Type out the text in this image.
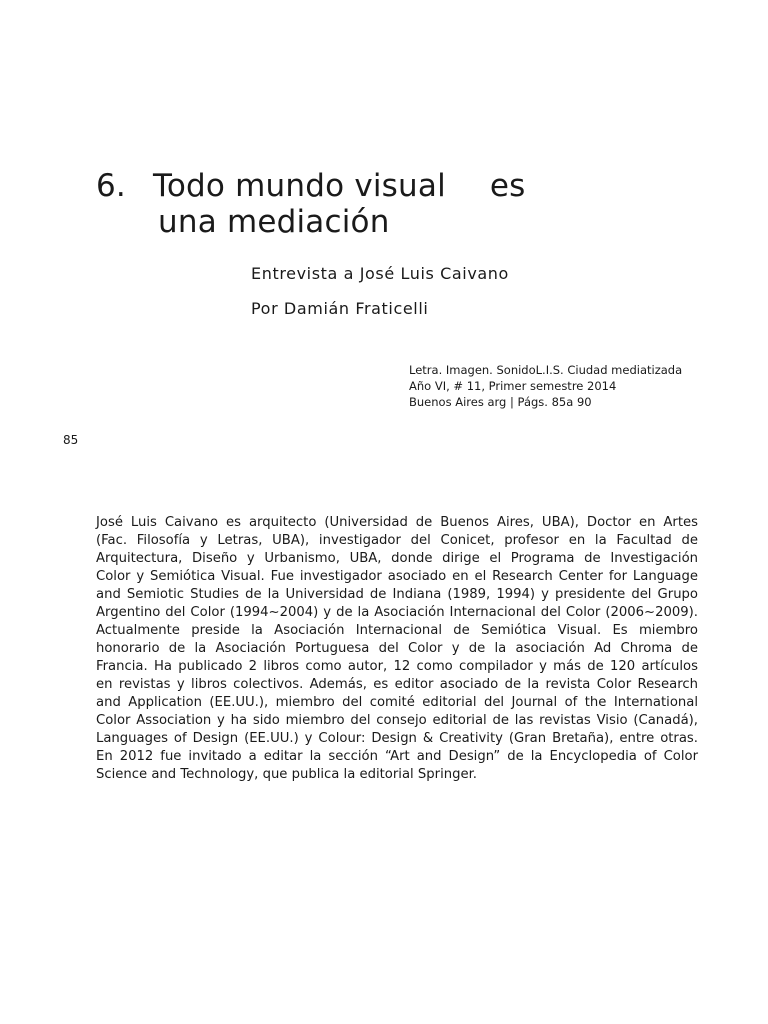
6. Todo mundo visual es
una mediación
Entrevista a José Luis Caivano
Por Damián Fraticelli
Letra. Imagen. SonidoL.I.S. Ciudad mediatizada
Año VI, # 11, Primer semestre 2014
Buenos Aires arg | Págs. 85a 90
85
José Luis Caivano es arquitecto (Universidad de Buenos Aires, UBA), Doctor en Artes
(Fac. Filosofía y Letras, UBA), investigador del Conicet, profesor en la Facultad de
Arquitectura, Diseño y Urbanismo, UBA, donde dirige el Programa de Investigación
Color y Semiótica Visual. Fue investigador asociado en el Research Center for Language
and Semiotic Studies de la Universidad de Indiana (1989, 1994) y presidente del Grupo
Argentino del Color (1994~2004) y de la Asociación Internacional del Color (2006~2009).
Actualmente preside la Asociación Internacional de Semiótica Visual. Es miembro
honorario de la Asociación Portuguesa del Color y de la asociación Ad Chroma de
Francia. Ha publicado 2 libros como autor, 12 como compilador y más de 120 artículos
en revistas y libros colectivos. Además, es editor asociado de la revista Color Research
and Application (EE.UU.), miembro del comité editorial del Journal of the International
Color Association y ha sido miembro del consejo editorial de las revistas Visio (Canadá),
Languages of Design (EE.UU.) y Colour: Design & Creativity (Gran Bretaña), entre otras.
En 2012 fue invitado a editar la sección “Art and Design” de la Encyclopedia of Color
Science and Technology, que publica la editorial Springer.
